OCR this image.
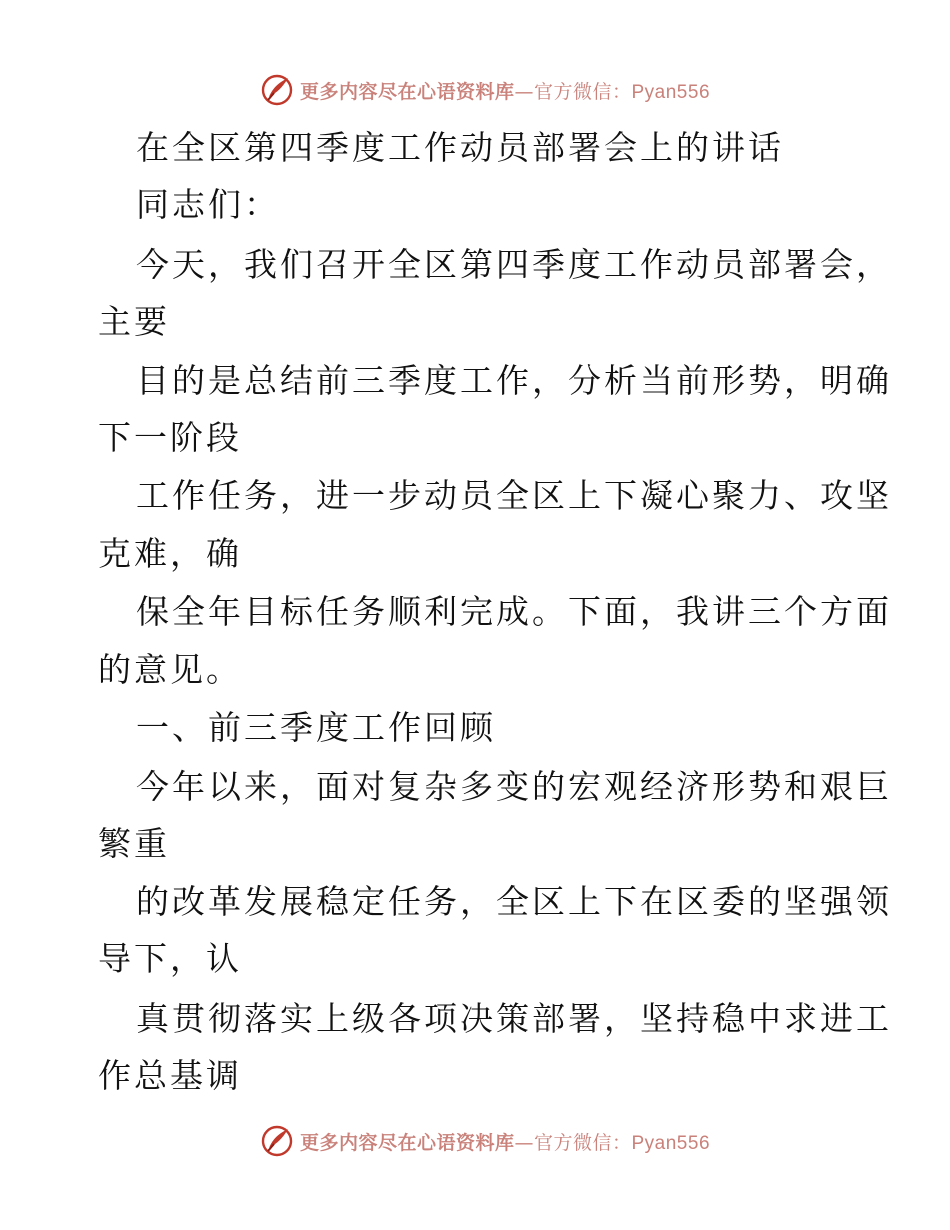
更多内容尽在心语资料库—官方微信：Pyan556
在全区第四季度工作动员部署会上的讲话
同志们：
今天，我们召开全区第四季度工作动员部署会，
主要
目的是总结前三季度工作，分析当前形势，明确
下一阶段
工作任务，进一步动员全区上下凝心聚力、攻坚
克难，确
保全年目标任务顺利完成。下面，我讲三个方面
的意见。
一、前三季度工作回顾
今年以来，面对复杂多变的宏观经济形势和艰巨
繁重
的改革发展稳定任务，全区上下在区委的坚强领
导下，认
真贯彻落实上级各项决策部署，坚持稳中求进工
作总基调
更多内容尽在心语资料库—官方微信：Pyan556
